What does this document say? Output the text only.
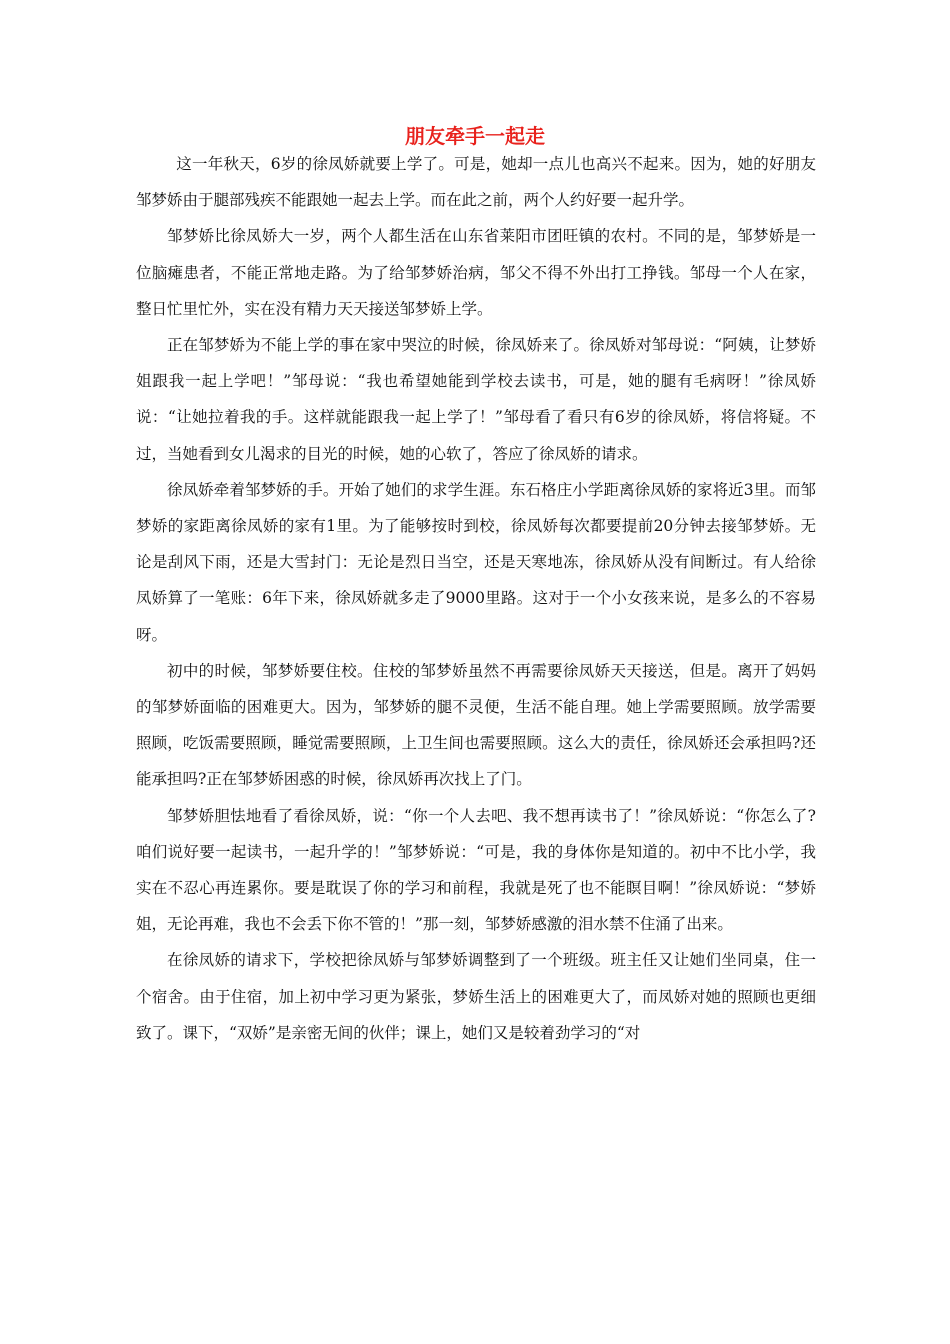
朋友牵手一起走

这一年秋天，6岁的徐凤娇就要上学了。可是，她却一点儿也高兴不起来。因为，她的好朋友邹梦娇由于腿部残疾不能跟她一起去上学。而在此之前，两个人约好要一起升学。

邹梦娇比徐凤娇大一岁，两个人都生活在山东省莱阳市团旺镇的农村。不同的是，邹梦娇是一位脑瘫患者，不能正常地走路。为了给邹梦娇治病，邹父不得不外出打工挣钱。邹母一个人在家，整日忙里忙外，实在没有精力天天接送邹梦娇上学。

正在邹梦娇为不能上学的事在家中哭泣的时候，徐凤娇来了。徐凤娇对邹母说：“阿姨，让梦娇姐跟我一起上学吧！”邹母说：“我也希望她能到学校去读书，可是，她的腿有毛病呀！”徐凤娇说：“让她拉着我的手。这样就能跟我一起上学了！”邹母看了看只有6岁的徐凤娇，将信将疑。不过，当她看到女儿渴求的目光的时候，她的心软了，答应了徐凤娇的请求。

徐凤娇牵着邹梦娇的手。开始了她们的求学生涯。东石格庄小学距离徐凤娇的家将近3里。而邹梦娇的家距离徐凤娇的家有1里。为了能够按时到校，徐凤娇每次都要提前20分钟去接邹梦娇。无论是刮风下雨，还是大雪封门：无论是烈日当空，还是天寒地冻，徐凤娇从没有间断过。有人给徐凤娇算了一笔账：6年下来，徐凤娇就多走了9000里路。这对于一个小女孩来说，是多么的不容易呀。

初中的时候，邹梦娇要住校。住校的邹梦娇虽然不再需要徐凤娇天天接送，但是。离开了妈妈的邹梦娇面临的困难更大。因为，邹梦娇的腿不灵便，生活不能自理。她上学需要照顾。放学需要照顾，吃饭需要照顾，睡觉需要照顾，上卫生间也需要照顾。这么大的责任，徐凤娇还会承担吗?还能承担吗?正在邹梦娇困惑的时候，徐凤娇再次找上了门。

邹梦娇胆怯地看了看徐凤娇，说：“你一个人去吧、我不想再读书了！”徐凤娇说：“你怎么了?咱们说好要一起读书，一起升学的！”邹梦娇说：“可是，我的身体你是知道的。初中不比小学，我实在不忍心再连累你。要是耽误了你的学习和前程，我就是死了也不能瞑目啊！”徐凤娇说：“梦娇姐，无论再难，我也不会丢下你不管的！”那一刻，邹梦娇感激的泪水禁不住涌了出来。

在徐凤娇的请求下，学校把徐凤娇与邹梦娇调整到了一个班级。班主任又让她们坐同桌，住一个宿舍。由于住宿，加上初中学习更为紧张，梦娇生活上的困难更大了，而凤娇对她的照顾也更细致了。课下，“双娇”是亲密无间的伙伴；课上，她们又是较着劲学习的“对
